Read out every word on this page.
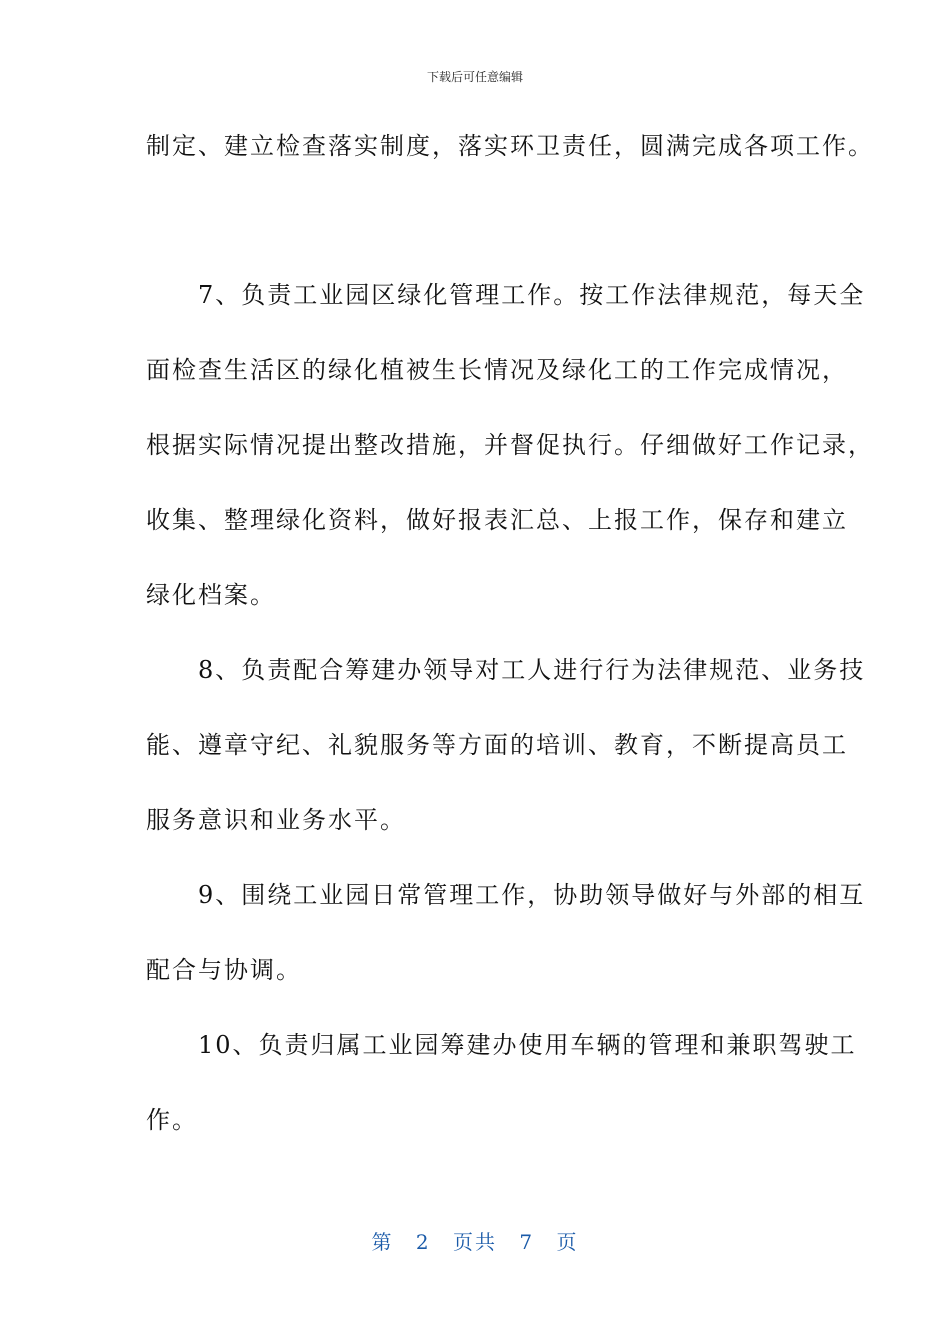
下载后可任意编辑
制定、建立检查落实制度，落实环卫责任，圆满完成各项工作。
　　7、负责工业园区绿化管理工作。按工作法律规范，每天全
面检查生活区的绿化植被生长情况及绿化工的工作完成情况，
根据实际情况提出整改措施，并督促执行。仔细做好工作记录，
收集、整理绿化资料，做好报表汇总、上报工作，保存和建立
绿化档案。
　　8、负责配合筹建办领导对工人进行行为法律规范、业务技
能、遵章守纪、礼貌服务等方面的培训、教育，不断提高员工
服务意识和业务水平。
　　9、围绕工业园日常管理工作，协助领导做好与外部的相互
配合与协调。
　　10、负责归属工业园筹建办使用车辆的管理和兼职驾驶工
作。
第 2 页共 7 页
